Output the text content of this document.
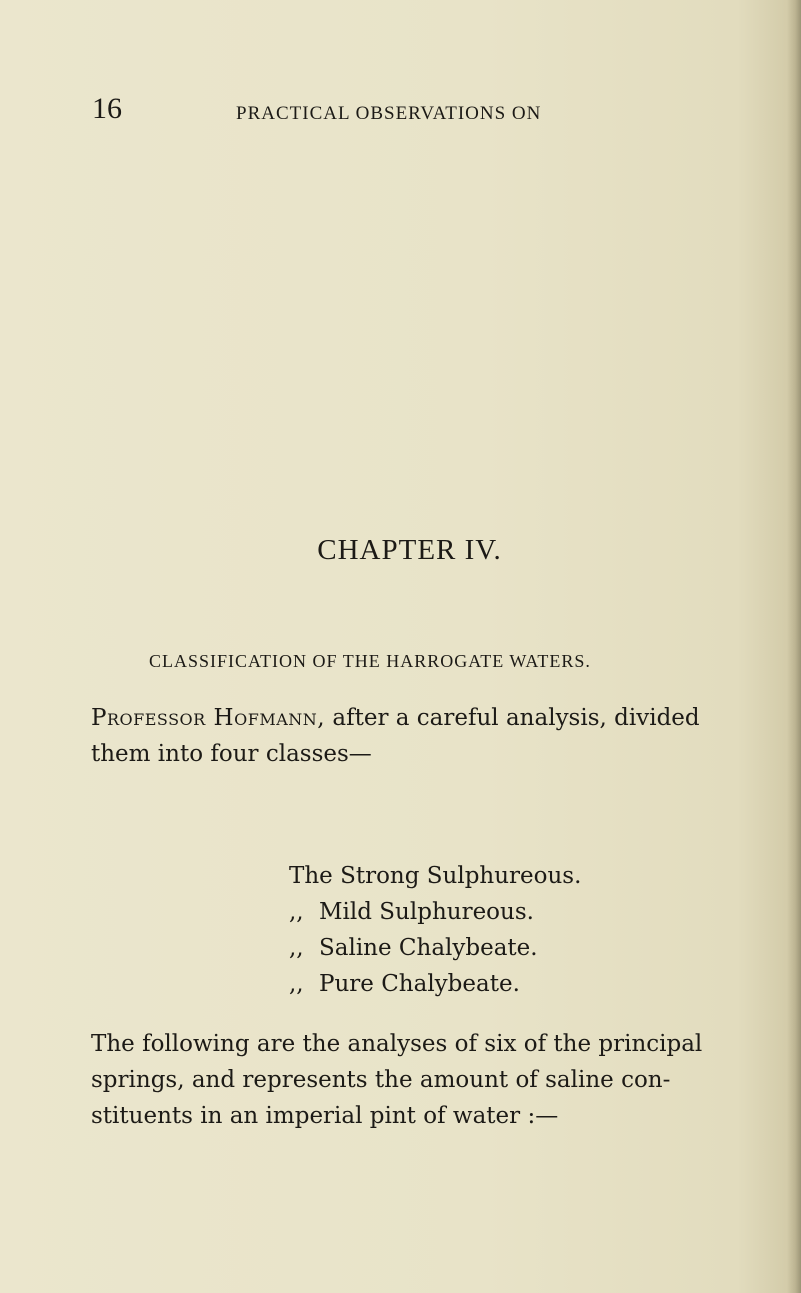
16	PRACTICAL OBSERVATIONS ON
CHAPTER IV.
CLASSIFICATION OF THE HARROGATE WATERS.

Professor Hofmann, after a careful analysis, divided
them into four classes—

The Strong Sulphureous.
,, Mild Sulphureous.
,, Saline Chalybeate.
,, Pure Chalybeate.

The following are the analyses of six of the principal
springs, and represents the amount of saline con-
stituents in an imperial pint of water :—
